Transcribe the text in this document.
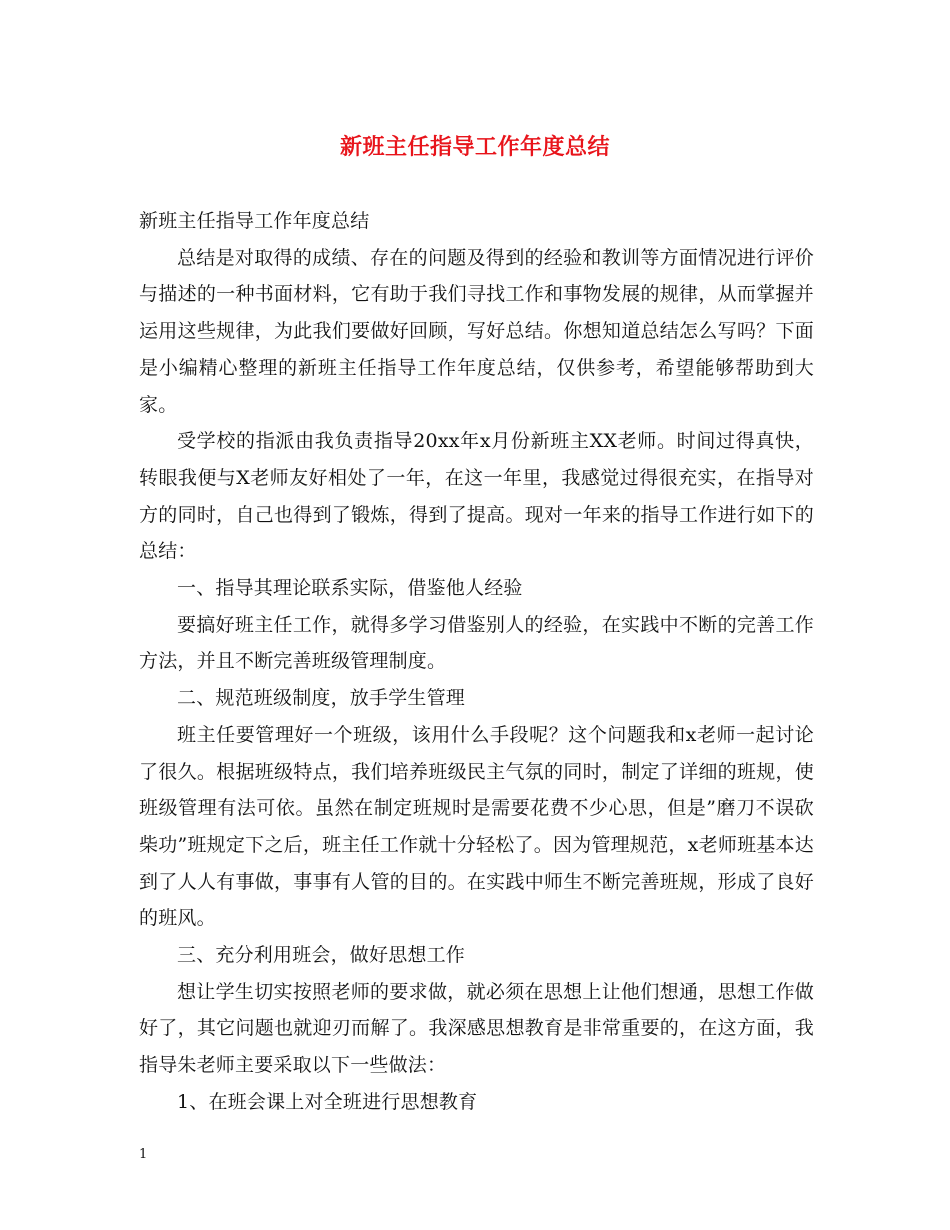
新班主任指导工作年度总结

新班主任指导工作年度总结

总结是对取得的成绩、存在的问题及得到的经验和教训等方面情况进行评价与描述的一种书面材料，它有助于我们寻找工作和事物发展的规律，从而掌握并运用这些规律，为此我们要做好回顾，写好总结。你想知道总结怎么写吗？下面是小编精心整理的新班主任指导工作年度总结，仅供参考，希望能够帮助到大家。

受学校的指派由我负责指导20xx年x月份新班主XX老师。时间过得真快，转眼我便与X老师友好相处了一年，在这一年里，我感觉过得很充实，在指导对方的同时，自己也得到了锻炼，得到了提高。现对一年来的指导工作进行如下的总结：

一、指导其理论联系实际，借鉴他人经验

要搞好班主任工作，就得多学习借鉴别人的经验，在实践中不断的完善工作方法，并且不断完善班级管理制度。

二、规范班级制度，放手学生管理

班主任要管理好一个班级，该用什么手段呢？这个问题我和x老师一起讨论了很久。根据班级特点，我们培养班级民主气氛的同时，制定了详细的班规，使班级管理有法可依。虽然在制定班规时是需要花费不少心思，但是”磨刀不误砍柴功”班规定下之后，班主任工作就十分轻松了。因为管理规范，x老师班基本达到了人人有事做，事事有人管的目的。在实践中师生不断完善班规，形成了良好的班风。

三、充分利用班会，做好思想工作

想让学生切实按照老师的要求做，就必须在思想上让他们想通，思想工作做好了，其它问题也就迎刃而解了。我深感思想教育是非常重要的，在这方面，我指导朱老师主要采取以下一些做法：

1、在班会课上对全班进行思想教育

1
